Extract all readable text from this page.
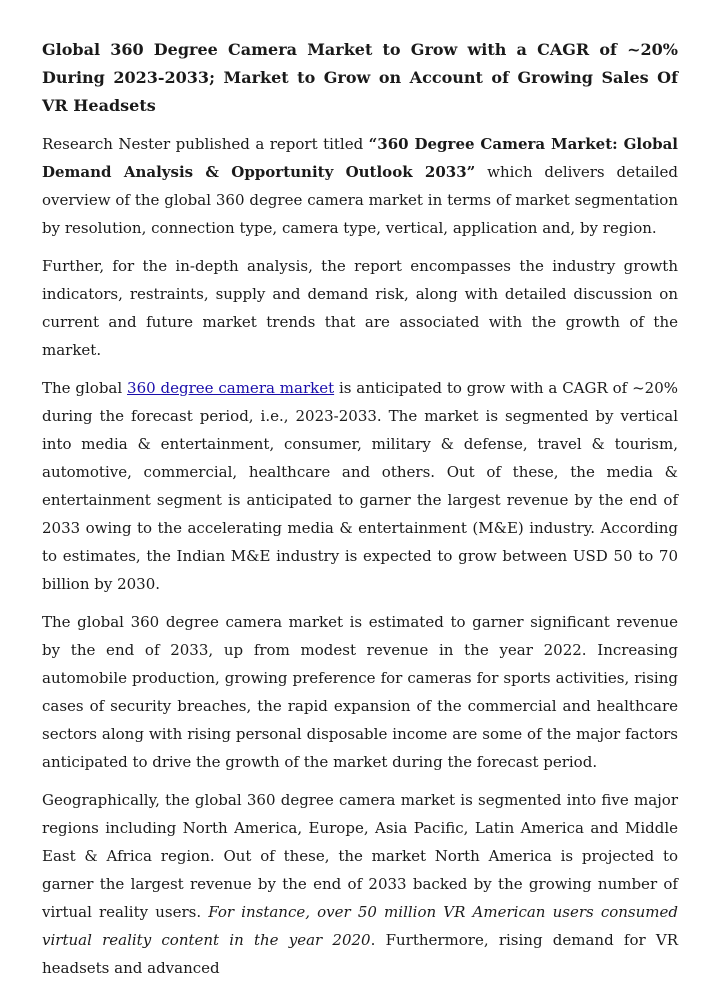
Global 360 Degree Camera Market to Grow with a CAGR of ~20% During 2023-2033; Market to Grow on Account of Growing Sales Of VR Headsets

Research Nester published a report titled “360 Degree Camera Market: Global Demand Analysis & Opportunity Outlook 2033” which delivers detailed overview of the global 360 degree camera market in terms of market segmentation by resolution, connection type, camera type, vertical, application and, by region.

Further, for the in-depth analysis, the report encompasses the industry growth indicators, restraints, supply and demand risk, along with detailed discussion on current and future market trends that are associated with the growth of the market.

The global 360 degree camera market is anticipated to grow with a CAGR of ~20% during the forecast period, i.e., 2023-2033. The market is segmented by vertical into media & entertainment, consumer, military & defense, travel & tourism, automotive, commercial, healthcare and others. Out of these, the media & entertainment segment is anticipated to garner the largest revenue by the end of 2033 owing to the accelerating media & entertainment (M&E) industry. According to estimates, the Indian M&E industry is expected to grow between USD 50 to 70 billion by 2030.

The global 360 degree camera market is estimated to garner significant revenue by the end of 2033, up from modest revenue in the year 2022. Increasing automobile production, growing preference for cameras for sports activities, rising cases of security breaches, the rapid expansion of the commercial and healthcare sectors along with rising personal disposable income are some of the major factors anticipated to drive the growth of the market during the forecast period.

Geographically, the global 360 degree camera market is segmented into five major regions including North America, Europe, Asia Pacific, Latin America and Middle East & Africa region. Out of these, the market North America is projected to garner the largest revenue by the end of 2033 backed by the growing number of virtual reality users. For instance, over 50 million VR American users consumed virtual reality content in the year 2020. Furthermore, rising demand for VR headsets and advanced
